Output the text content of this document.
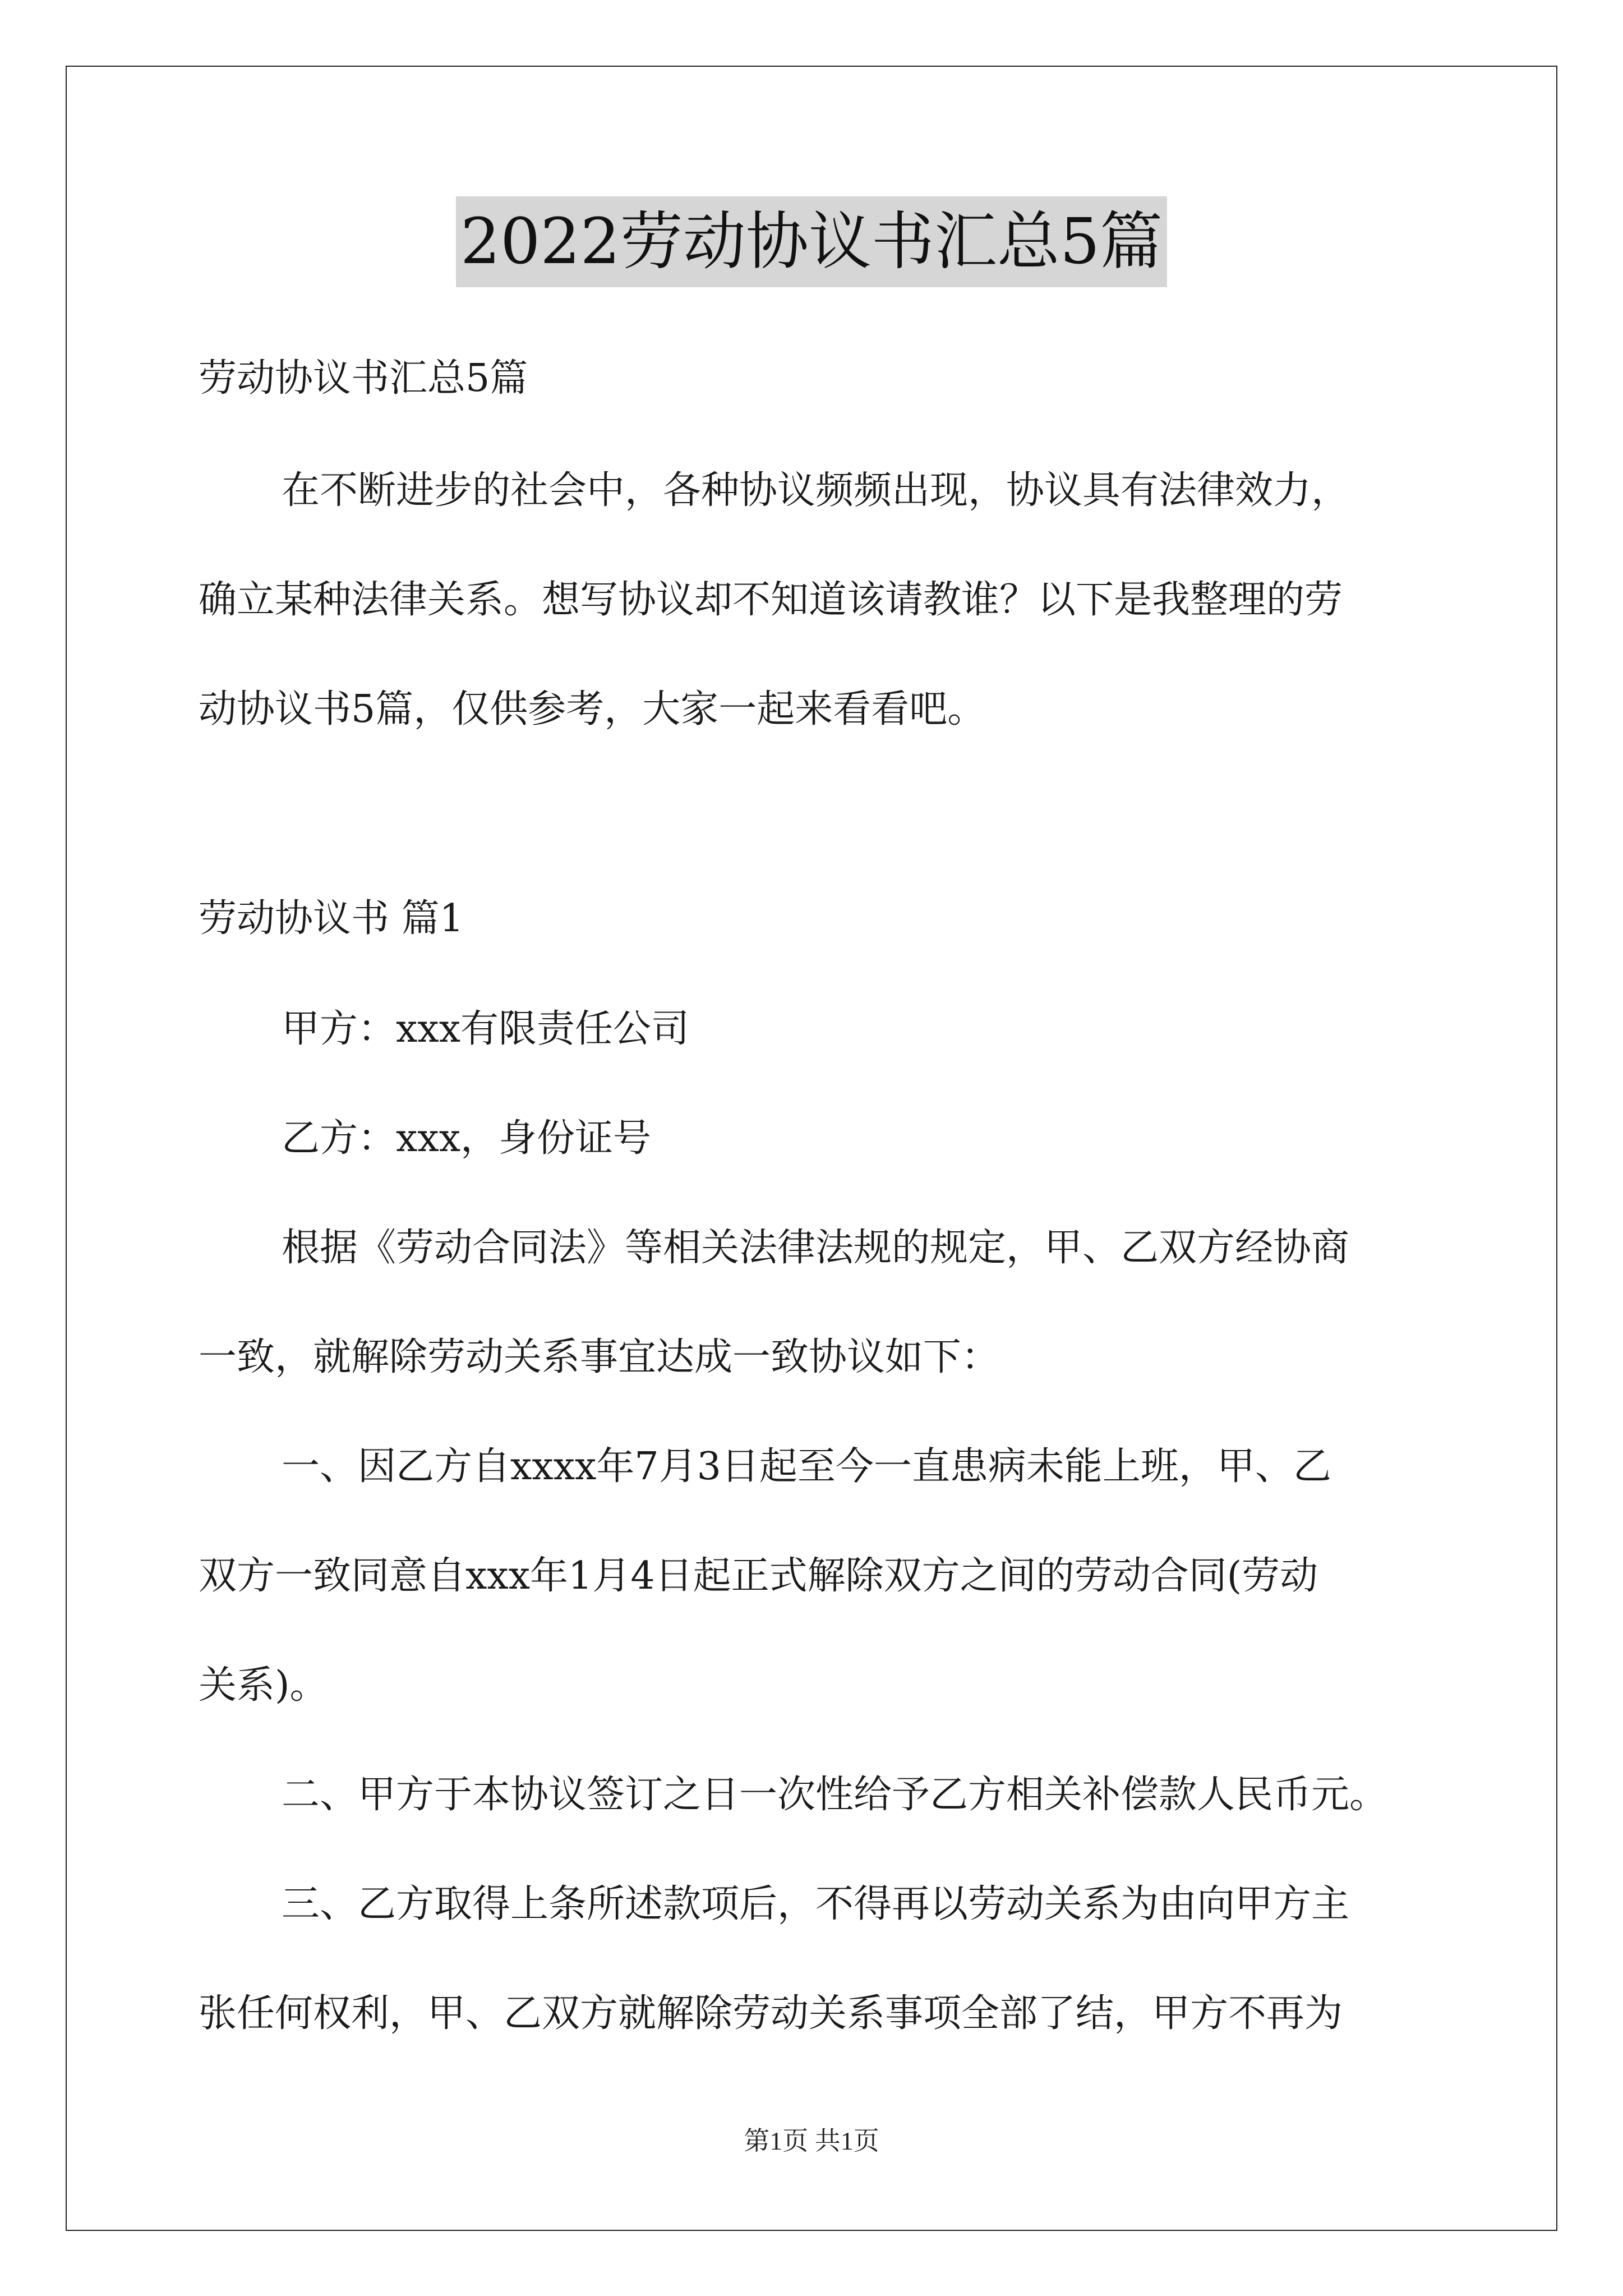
2022劳动协议书汇总5篇

劳动协议书汇总5篇

在不断进步的社会中，各种协议频频出现，协议具有法律效力，

确立某种法律关系。想写协议却不知道该请教谁？以下是我整理的劳

动协议书5篇，仅供参考，大家一起来看看吧。

劳动协议书 篇1

甲方：xxx有限责任公司

乙方：xxx，身份证号

根据《劳动合同法》等相关法律法规的规定，甲、乙双方经协商

一致，就解除劳动关系事宜达成一致协议如下：

一、因乙方自xxxx年7月3日起至今一直患病未能上班，甲、乙

双方一致同意自xxx年1月4日起正式解除双方之间的劳动合同(劳动

关系)。

二、甲方于本协议签订之日一次性给予乙方相关补偿款人民币元。

三、乙方取得上条所述款项后，不得再以劳动关系为由向甲方主

张任何权利，甲、乙双方就解除劳动关系事项全部了结，甲方不再为

第1页 共1页
